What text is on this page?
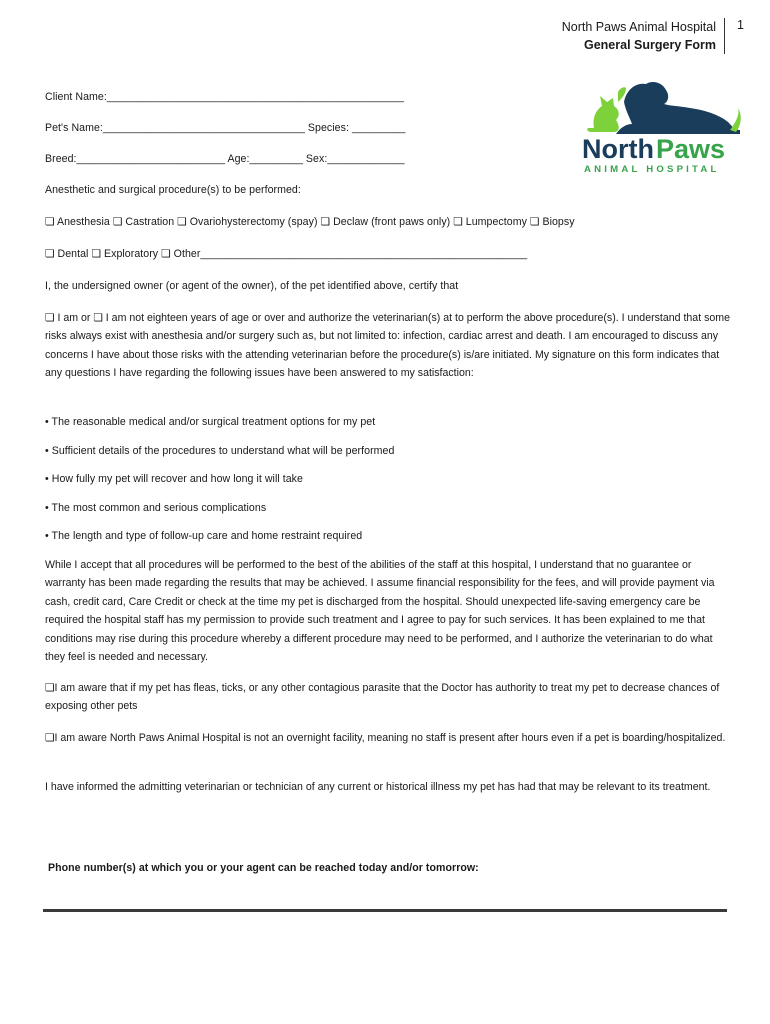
North Paws Animal Hospital
General Surgery Form
1
North Paws
ANIMAL HOSPITAL
Client Name:__________________________________________________
Pet's Name:__________________________________ Species: _________
Breed:_________________________ Age:_________ Sex:_____________
Anesthetic and surgical procedure(s) to be performed:
❏ Anesthesia ❏ Castration ❏ Ovariohysterectomy (spay) ❏ Declaw (front paws only) ❏ Lumpectomy ❏ Biopsy
❏ Dental ❏ Exploratory ❏ Other_______________________________________________________
I, the undersigned owner (or agent of the owner), of the pet identified above, certify that
❏ I am or ❏ I am not eighteen years of age or over and authorize the veterinarian(s) at to perform the above procedure(s). I understand that some risks always exist with anesthesia and/or surgery such as, but not limited to: infection, cardiac arrest and death. I am encouraged to discuss any concerns I have about those risks with the attending veterinarian before the procedure(s) is/are initiated. My signature on this form indicates that any questions I have regarding the following issues have been answered to my satisfaction:
• The reasonable medical and/or surgical treatment options for my pet
• Sufficient details of the procedures to understand what will be performed
• How fully my pet will recover and how long it will take
• The most common and serious complications
• The length and type of follow-up care and home restraint required
While I accept that all procedures will be performed to the best of the abilities of the staff at this hospital, I understand that no guarantee or warranty has been made regarding the results that may be achieved. I assume financial responsibility for the fees, and will provide payment via cash, credit card, Care Credit or check at the time my pet is discharged from the hospital. Should unexpected life-saving emergency care be required the hospital staff has my permission to provide such treatment and I agree to pay for such services. It has been explained to me that conditions may rise during this procedure whereby a different procedure may need to be performed, and I authorize the veterinarian to do what they feel is needed and necessary.
❏I am aware that if my pet has fleas, ticks, or any other contagious parasite that the Doctor has authority to treat my pet to decrease chances of exposing other pets
❏I am aware North Paws Animal Hospital is not an overnight facility, meaning no staff is present after hours even if a pet is boarding/hospitalized.
I have informed the admitting veterinarian or technician of any current or historical illness my pet has had that may be relevant to its treatment.
Phone number(s) at which you or your agent can be reached today and/or tomorrow:
